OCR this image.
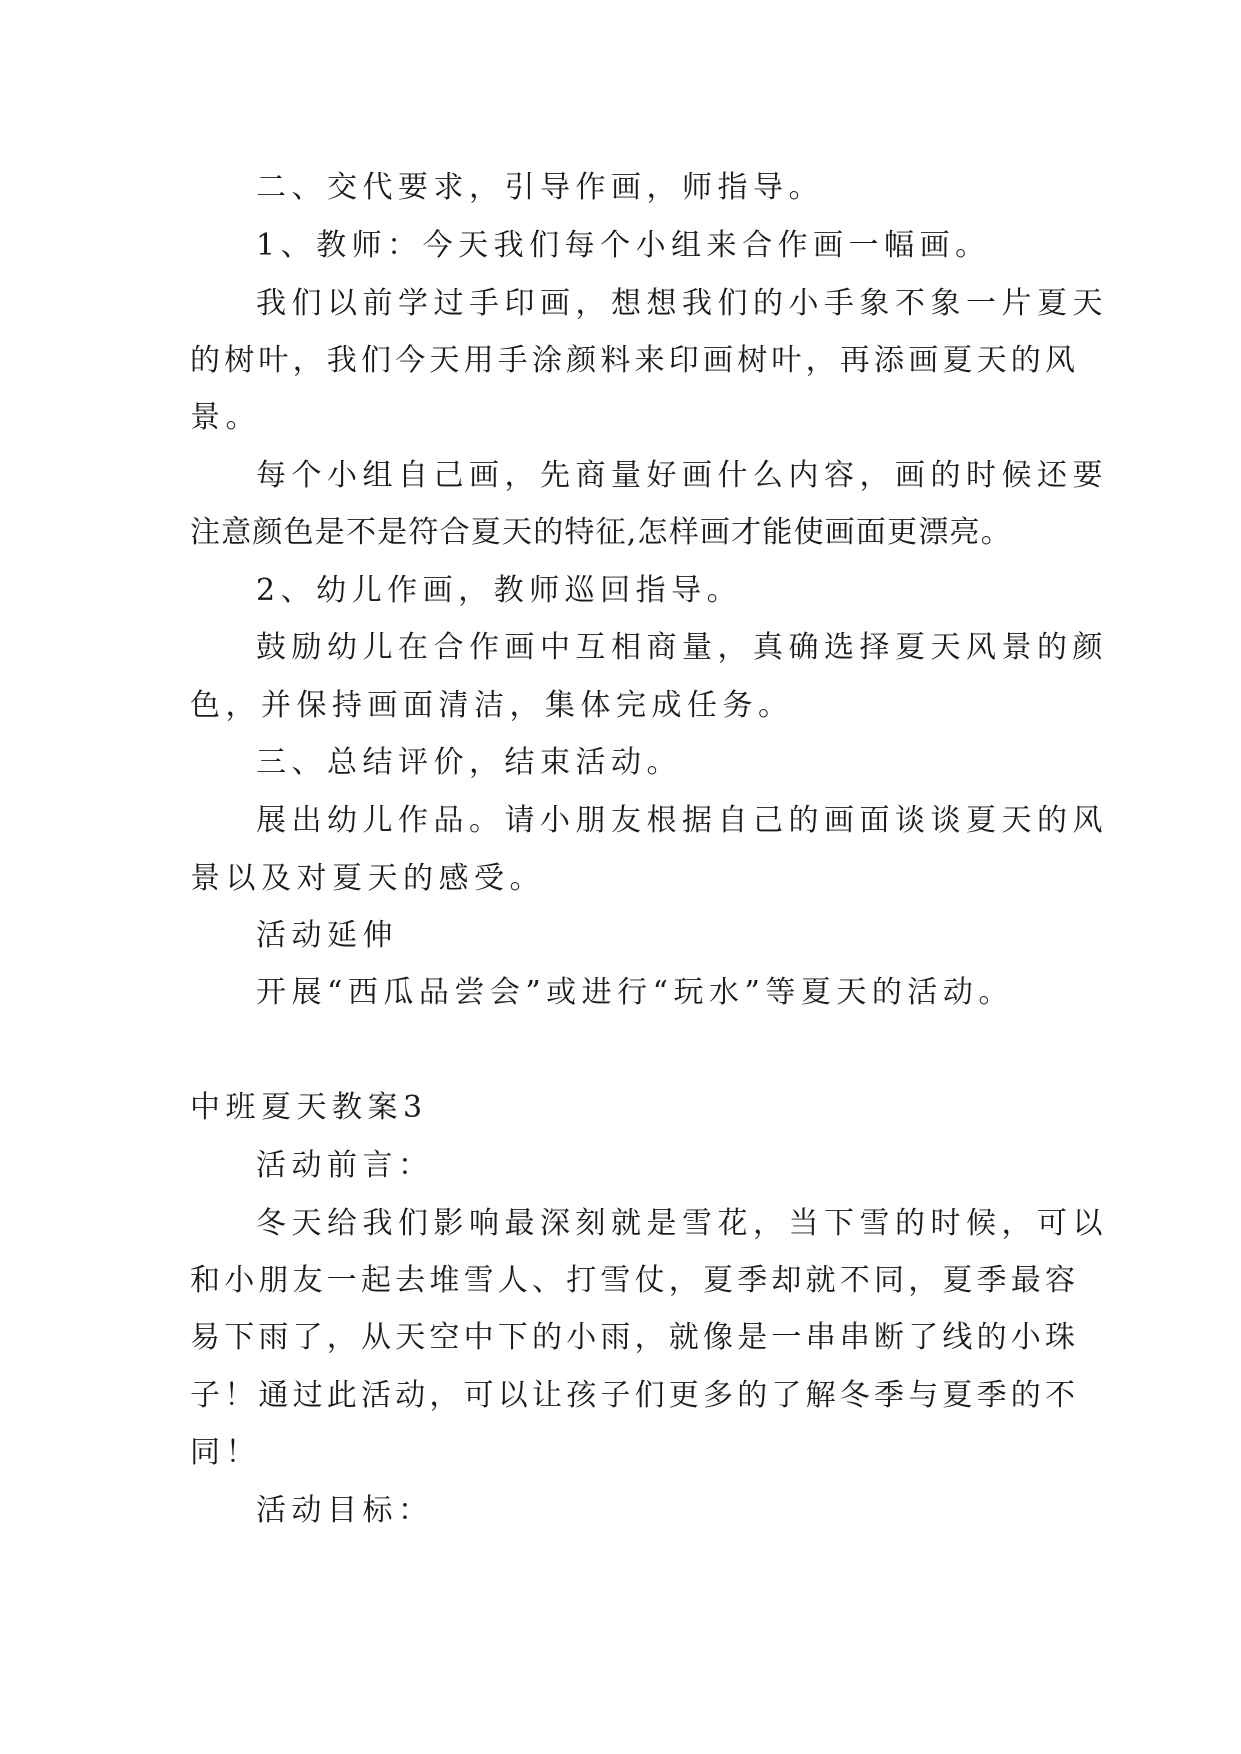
二、交代要求，引导作画，师指导。
1、教师：今天我们每个小组来合作画一幅画。
我们以前学过手印画，想想我们的小手象不象一片夏天
的树叶，我们今天用手涂颜料来印画树叶，再添画夏天的风
景。
每个小组自己画，先商量好画什么内容，画的时候还要
注意颜色是不是符合夏天的特征,怎样画才能使画面更漂亮。
2、幼儿作画，教师巡回指导。
鼓励幼儿在合作画中互相商量，真确选择夏天风景的颜
色，并保持画面清洁，集体完成任务。
三、总结评价，结束活动。
展出幼儿作品。请小朋友根据自己的画面谈谈夏天的风
景以及对夏天的感受。
活动延伸
开展“西瓜品尝会”或进行“玩水”等夏天的活动。
中班夏天教案3
活动前言：
冬天给我们影响最深刻就是雪花，当下雪的时候，可以
和小朋友一起去堆雪人、打雪仗，夏季却就不同，夏季最容
易下雨了，从天空中下的小雨，就像是一串串断了线的小珠
子！通过此活动，可以让孩子们更多的了解冬季与夏季的不
同！
活动目标：
